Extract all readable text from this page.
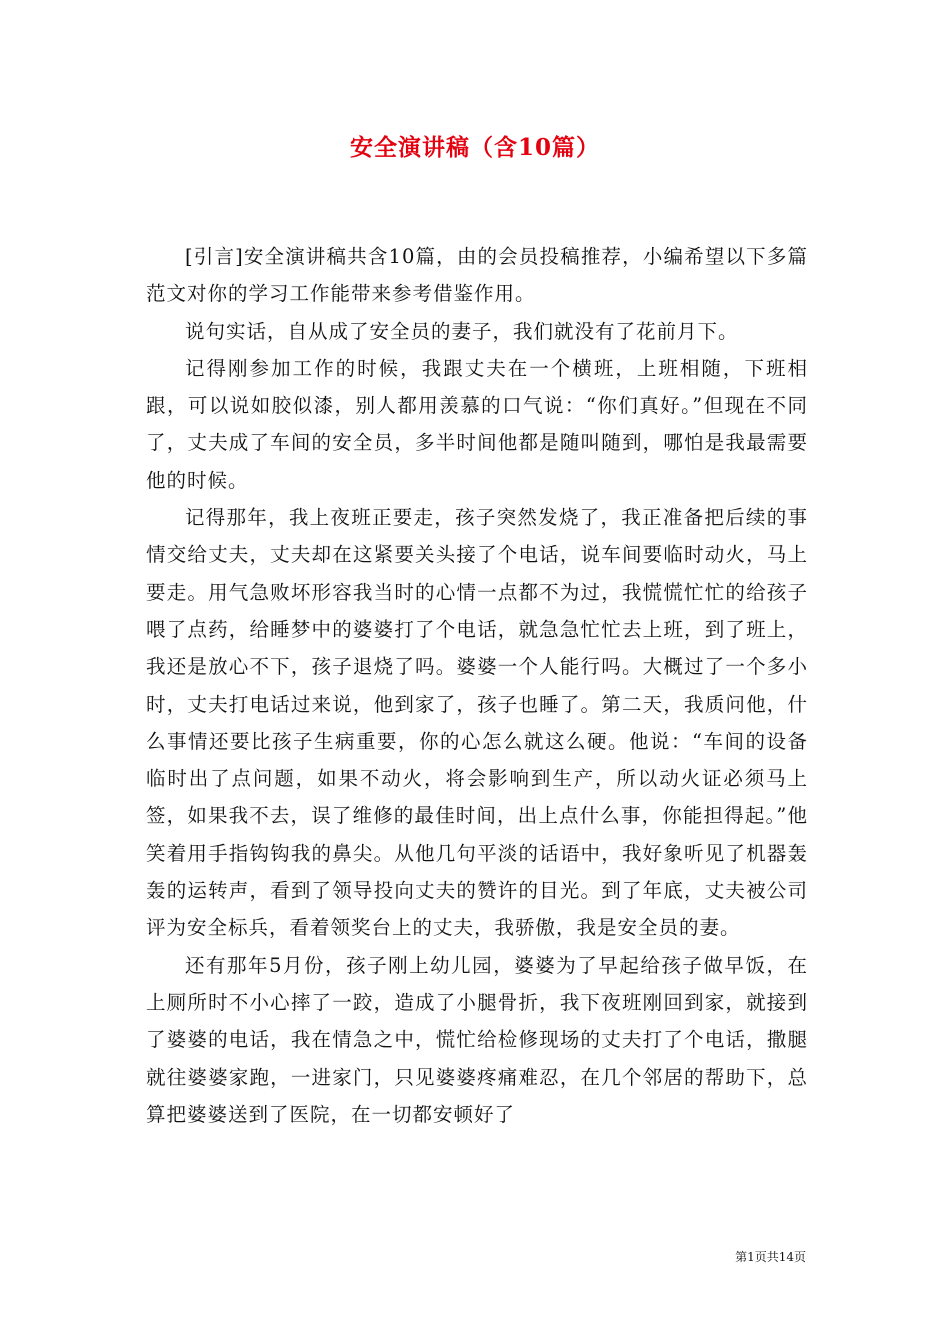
安全演讲稿（含10篇）

[引言]安全演讲稿共含10篇，由的会员投稿推荐，小编希望以下多篇范文对你的学习工作能带来参考借鉴作用。

说句实话，自从成了安全员的妻子，我们就没有了花前月下。

记得刚参加工作的时候，我跟丈夫在一个横班，上班相随，下班相跟，可以说如胶似漆，别人都用羡慕的口气说：“你们真好。”但现在不同了，丈夫成了车间的安全员，多半时间他都是随叫随到，哪怕是我最需要他的时候。

记得那年，我上夜班正要走，孩子突然发烧了，我正准备把后续的事情交给丈夫，丈夫却在这紧要关头接了个电话，说车间要临时动火，马上要走。用气急败坏形容我当时的心情一点都不为过，我慌慌忙忙的给孩子喂了点药，给睡梦中的婆婆打了个电话，就急急忙忙去上班，到了班上，我还是放心不下，孩子退烧了吗。婆婆一个人能行吗。大概过了一个多小时，丈夫打电话过来说，他到家了，孩子也睡了。第二天，我质问他，什么事情还要比孩子生病重要，你的心怎么就这么硬。他说：“车间的设备临时出了点问题，如果不动火，将会影响到生产，所以动火证必须马上签，如果我不去，误了维修的最佳时间，出上点什么事，你能担得起。”他笑着用手指钩钩我的鼻尖。从他几句平淡的话语中，我好象听见了机器轰轰的运转声，看到了领导投向丈夫的赞许的目光。到了年底，丈夫被公司评为安全标兵，看着领奖台上的丈夫，我骄傲，我是安全员的妻。

还有那年5月份，孩子刚上幼儿园，婆婆为了早起给孩子做早饭，在上厕所时不小心摔了一跤，造成了小腿骨折，我下夜班刚回到家，就接到了婆婆的电话，我在情急之中，慌忙给检修现场的丈夫打了个电话，撒腿就往婆婆家跑，一进家门，只见婆婆疼痛难忍，在几个邻居的帮助下，总算把婆婆送到了医院，在一切都安顿好了

第1页共14页
